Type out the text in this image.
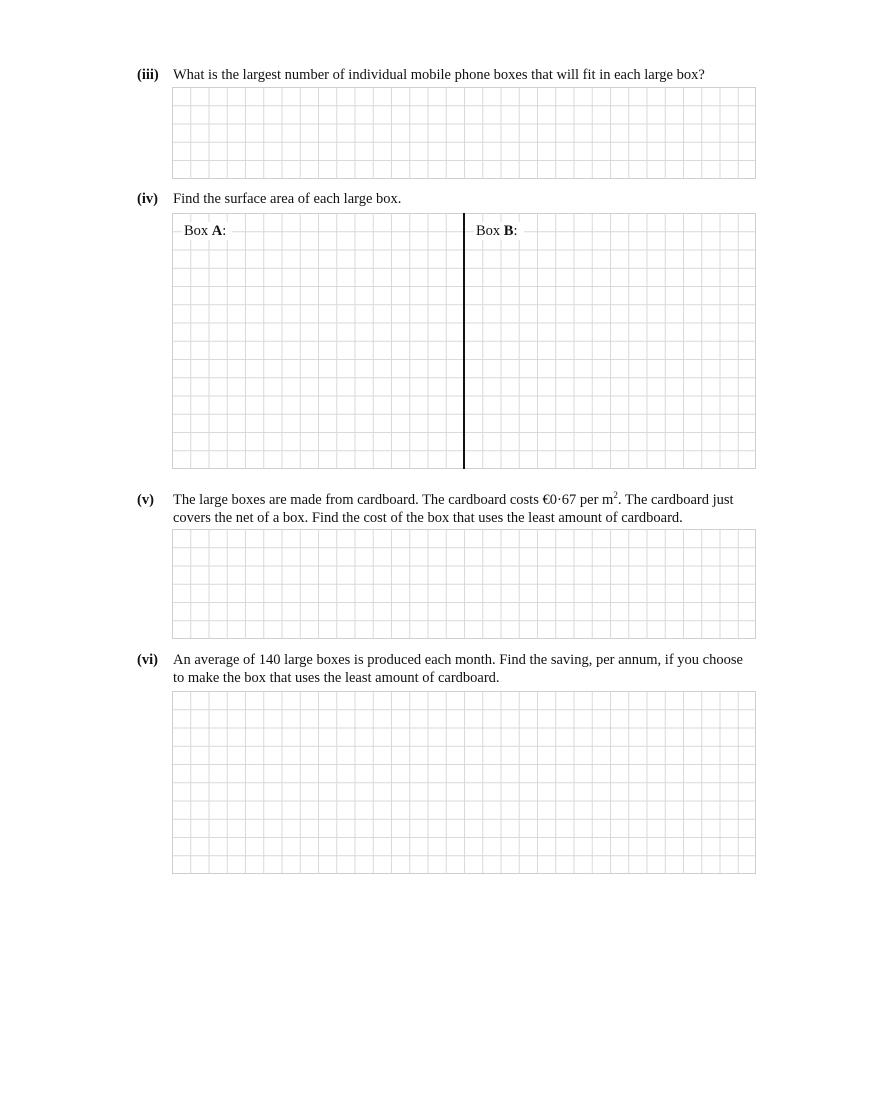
(iii) What is the largest number of individual mobile phone boxes that will fit in each large box?
(iv) Find the surface area of each large box.
Box A:	Box B:
(v) The large boxes are made from cardboard. The cardboard costs €0·67 per $m^2$. The cardboard just covers the net of a box. Find the cost of the box that uses the least amount of cardboard.
(vi) An average of 140 large boxes is produced each month. Find the saving, per annum, if you choose to make the box that uses the least amount of cardboard.
